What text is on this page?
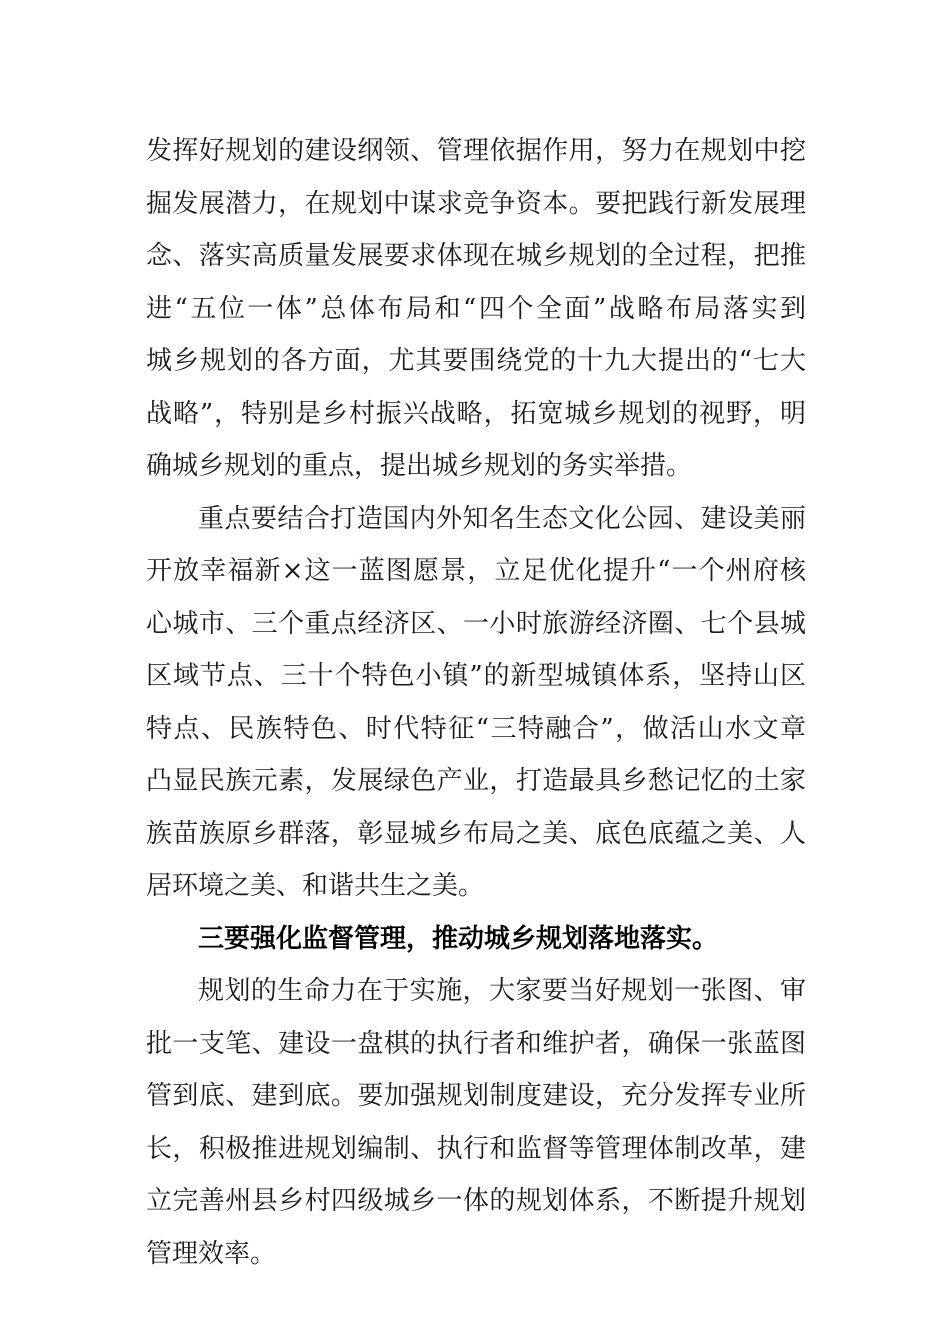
发挥好规划的建设纲领、管理依据作用，努力在规划中挖
掘发展潜力，在规划中谋求竞争资本。要把践行新发展理
念、落实高质量发展要求体现在城乡规划的全过程，把推
进“五位一体”总体布局和“四个全面”战略布局落实到
城乡规划的各方面，尤其要围绕党的十九大提出的“七大
战略”，特别是乡村振兴战略，拓宽城乡规划的视野，明
确城乡规划的重点，提出城乡规划的务实举措。
重点要结合打造国内外知名生态文化公园、建设美丽
开放幸福新×这一蓝图愿景，立足优化提升“一个州府核
心城市、三个重点经济区、一小时旅游经济圈、七个县城
区域节点、三十个特色小镇”的新型城镇体系，坚持山区
特点、民族特色、时代特征“三特融合”，做活山水文章
凸显民族元素，发展绿色产业，打造最具乡愁记忆的土家
族苗族原乡群落，彰显城乡布局之美、底色底蕴之美、人
居环境之美、和谐共生之美。
三要强化监督管理，推动城乡规划落地落实。
规划的生命力在于实施，大家要当好规划一张图、审
批一支笔、建设一盘棋的执行者和维护者，确保一张蓝图
管到底、建到底。要加强规划制度建设，充分发挥专业所
长，积极推进规划编制、执行和监督等管理体制改革，建
立完善州县乡村四级城乡一体的规划体系，不断提升规划
管理效率。
